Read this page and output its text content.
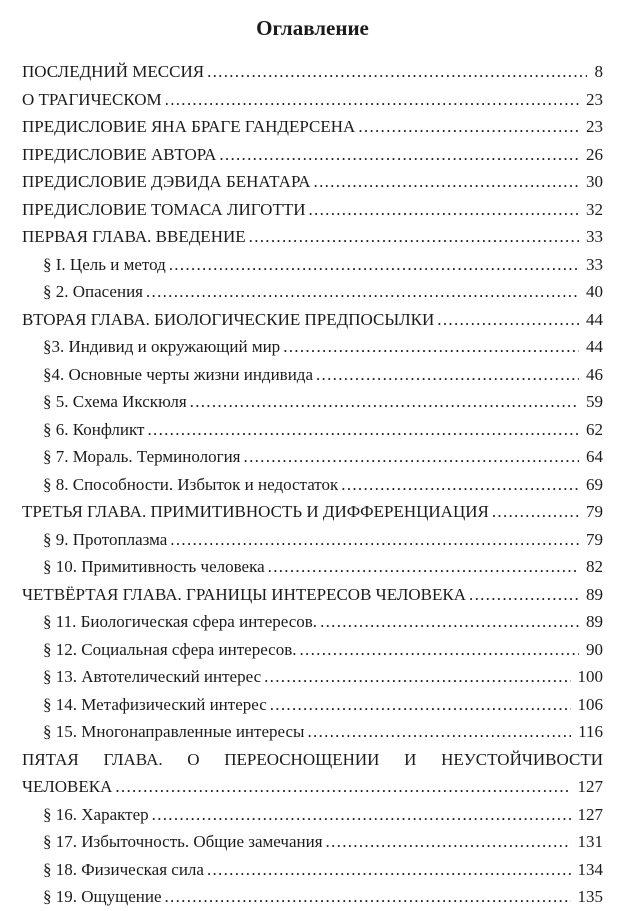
Оглавление
ПОСЛЕДНИЙ МЕССИЯ .....	8
О ТРАГИЧЕСКОМ .....	23
ПРЕДИСЛОВИЕ ЯНА БРАГЕ ГАНДЕРСЕНА .....	23
ПРЕДИСЛОВИЕ АВТОРА .....	26
ПРЕДИСЛОВИЕ ДЭВИДА БЕНАТАРА .....	30
ПРЕДИСЛОВИЕ ТОМАСА ЛИГОТТИ .....	32
ПЕРВАЯ ГЛАВА. ВВЕДЕНИЕ .....	33
§ I. Цель и метод .....	33
§ 2. Опасения .....	40
ВТОРАЯ ГЛАВА. БИОЛОГИЧЕСКИЕ ПРЕДПОСЫЛКИ .....	44
§3. Индивид и окружающий мир .....	44
§4. Основные черты жизни индивида .....	46
§ 5. Схема Икскюля .....	59
§ 6. Конфликт .....	62
§ 7. Мораль. Терминология .....	64
§ 8. Способности. Избыток и недостаток .....	69
ТРЕТЬЯ ГЛАВА. ПРИМИТИВНОСТЬ И ДИФФЕРЕНЦИАЦИЯ .....	79
§ 9. Протоплазма .....	79
§ 10. Примитивность человека .....	82
ЧЕТВЁРТАЯ ГЛАВА. ГРАНИЦЫ ИНТЕРЕСОВ ЧЕЛОВЕКА .....	89
§ 11. Биологическая сфера интересов. .....	89
§ 12. Социальная сфера интересов. .....	90
§ 13. Автотелический интерес .....	100
§ 14. Метафизический интерес .....	106
§ 15. Многонаправленные интересы .....	116
ПЯТАЯ ГЛАВА. О ПЕРЕОСНОЩЕНИИ И НЕУСТОЙЧИВОСТИ
ЧЕЛОВЕКА .....	127
§ 16. Характер .....	127
§ 17. Избыточность. Общие замечания .....	131
§ 18. Физическая сила .....	134
§ 19. Ощущение .....	135
